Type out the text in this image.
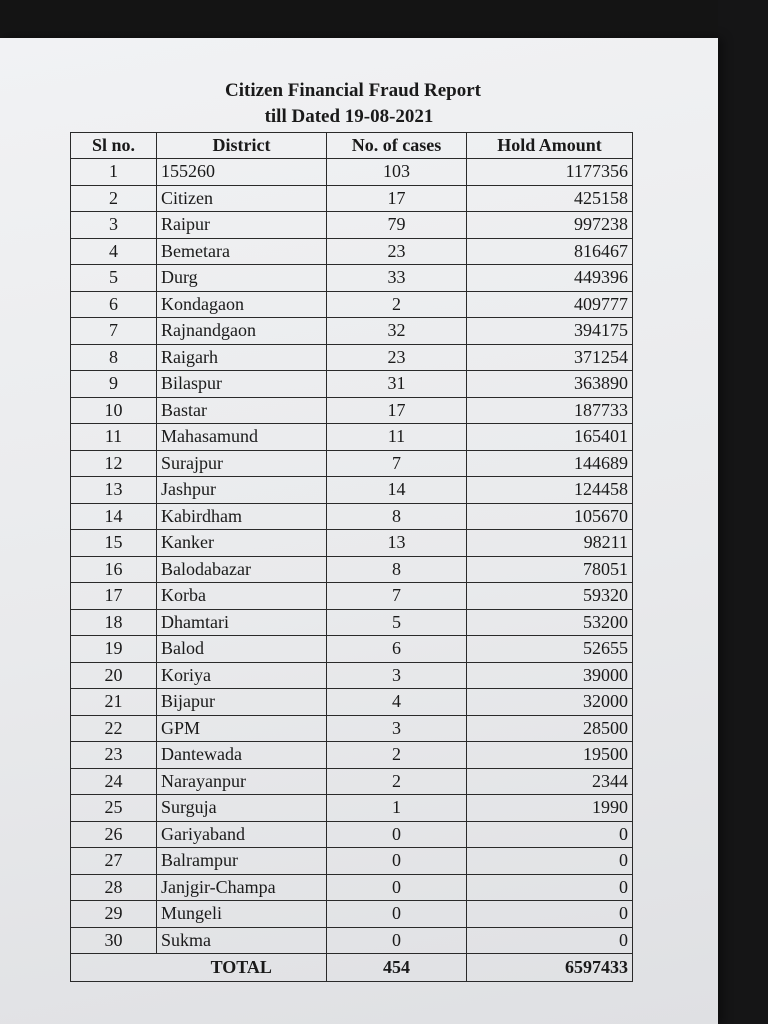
Citizen Financial Fraud Report
till Dated 19-08-2021
Sl no.	District	No. of cases	Hold Amount
1	155260	103	1177356
2	Citizen	17	425158
3	Raipur	79	997238
4	Bemetara	23	816467
5	Durg	33	449396
6	Kondagaon	2	409777
7	Rajnandgaon	32	394175
8	Raigarh	23	371254
9	Bilaspur	31	363890
10	Bastar	17	187733
11	Mahasamund	11	165401
12	Surajpur	7	144689
13	Jashpur	14	124458
14	Kabirdham	8	105670
15	Kanker	13	98211
16	Balodabazar	8	78051
17	Korba	7	59320
18	Dhamtari	5	53200
19	Balod	6	52655
20	Koriya	3	39000
21	Bijapur	4	32000
22	GPM	3	28500
23	Dantewada	2	19500
24	Narayanpur	2	2344
25	Surguja	1	1990
26	Gariyaband	0	0
27	Balrampur	0	0
28	Janjgir-Champa	0	0
29	Mungeli	0	0
30	Sukma	0	0
	TOTAL	454	6597433
